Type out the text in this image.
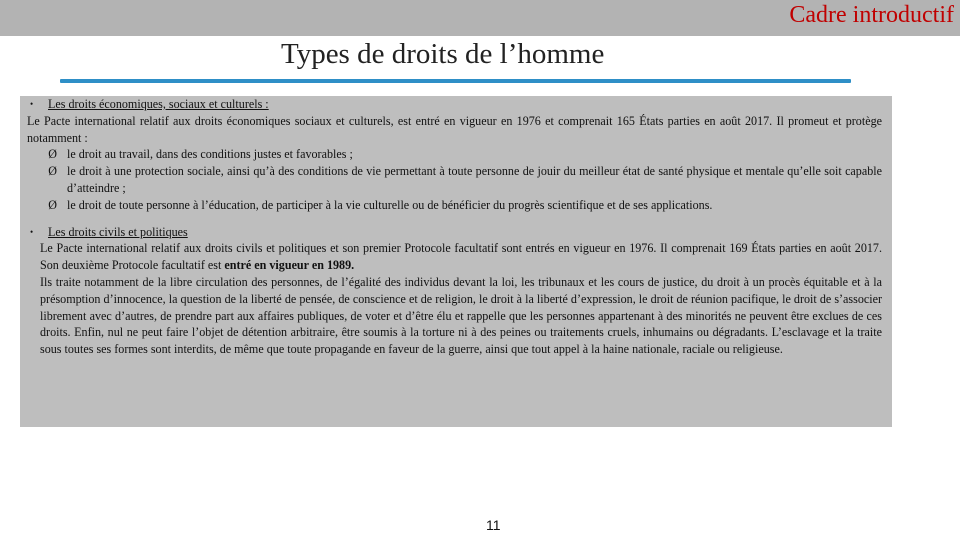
Cadre introductif
Types de droits de l’homme

•	Les droits économiques, sociaux et culturels :

Le Pacte international relatif aux droits économiques sociaux et culturels, est entré en vigueur en 1976 et comprenait 165 États parties en août 2017. Il promeut et protège notamment :

Ø le droit au travail, dans des conditions justes et favorables ;
Ø le droit à une protection sociale, ainsi qu’à des conditions de vie permettant à toute personne de jouir du meilleur état de santé physique et mentale qu’elle soit capable d’atteindre ;
Ø le droit de toute personne à l’éducation, de participer à la vie culturelle ou de bénéficier du progrès scientifique et de ses applications.

•	Les droits civils et politiques

Le Pacte international relatif aux droits civils et politiques et son premier Protocole facultatif sont entrés en vigueur en 1976. Il comprenait 169 États parties en août 2017. Son deuxième Protocole facultatif est entré en vigueur en 1989.
Ils traite notamment de la libre circulation des personnes, de l’égalité des individus devant la loi, les tribunaux et les cours de justice, du droit à un procès équitable et à la présomption d’innocence, la question de la liberté de pensée, de conscience et de religion, le droit à la liberté d’expression, le droit de réunion pacifique, le droit de s’associer librement avec d’autres, de prendre part aux affaires publiques, de voter et d’être élu et rappelle que les personnes appartenant à des minorités ne peuvent être exclues de ces droits. Enfin, nul ne peut faire l’objet de détention arbitraire, être soumis à la torture ni à des peines ou traitements cruels, inhumains ou dégradants. L’esclavage et la traite sous toutes ses formes sont interdits, de même que toute propagande en faveur de la guerre, ainsi que tout appel à la haine nationale, raciale ou religieuse.
11
